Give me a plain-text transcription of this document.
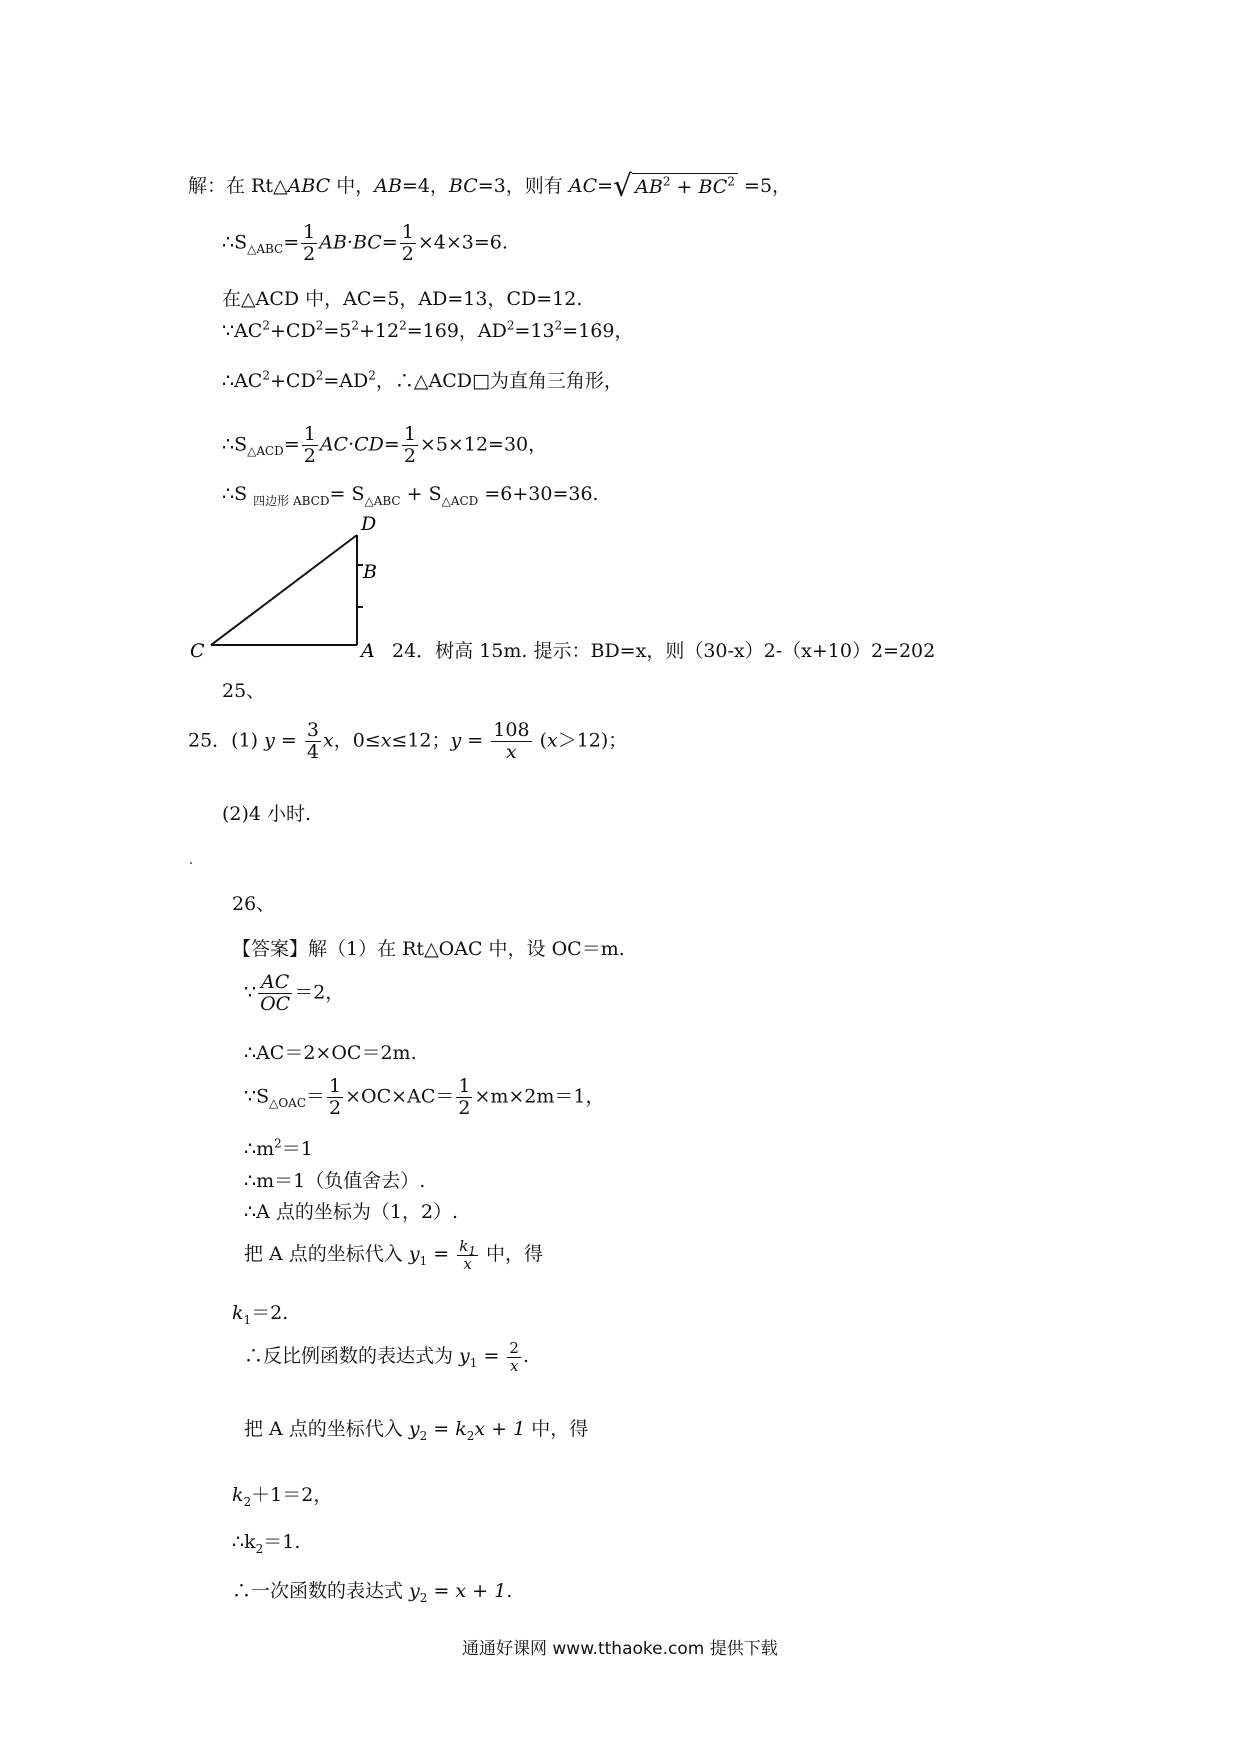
解：在 Rt△ABC 中，AB=4，BC=3，则有 AC=√ $AB^2 + BC^2 =5$，
$\therefore S_{\triangle ABC}= \frac{1}{2} AB\cdot BC= \frac{1}{2} \times 4\times 3=6$.
在△ACD 中，AC=5，AD=13，CD=12.
$\because AC^2+CD^2=5^2+12^2=169$，$AD^2=13^2=169$，
$\therefore AC^2+CD^2=AD^2$，∴△ACD□为直角三角形，
$\therefore S_{\triangle ACD}= \frac{1}{2} AC\cdot CD= \frac{1}{2} \times 5\times 12=30$，
∴S $_{四边形 ABCD}= S_{\triangle ABC} + S_{\triangle ACD} =6+30=36$.
D
B
C	A 24．树高 15m. 提示：BD=x，则（30-x）2-（x+10）2=202
25、
25．(1) $y = \frac{3}{4}$ x，0≤x≤12；$y = \frac{108}{x} (x>12)$；
(2)4 小时.
26、
【答案】解（1）在 Rt△OAC 中，设 OC＝m.
∵ $\frac{AC}{OC} =2$，
∴AC＝2×OC＝2m.
$\because S_{\triangle OAC}= \frac{1}{2} \times OC\times AC= \frac{1}{2} \times m\times 2m=1$，
$\therefore m^2=1$
∴m＝1（负值舍去）.
∴A 点的坐标为（1，2）.
把 A 点的坐标代入 $y_1 = \frac{k_1}{x}$ 中，得
$k_1=2$.
∴反比例函数的表达式为 $y_1 = \frac{2}{x}$ .
把 A 点的坐标代入 $y_2 = k_2x + 1$ 中，得
$k_2+1=2$，
$\therefore k_2=1$.
∴一次函数的表达式 $y_2 = x + 1$.
通通好课网 www.tthaoke.com 提供下载
